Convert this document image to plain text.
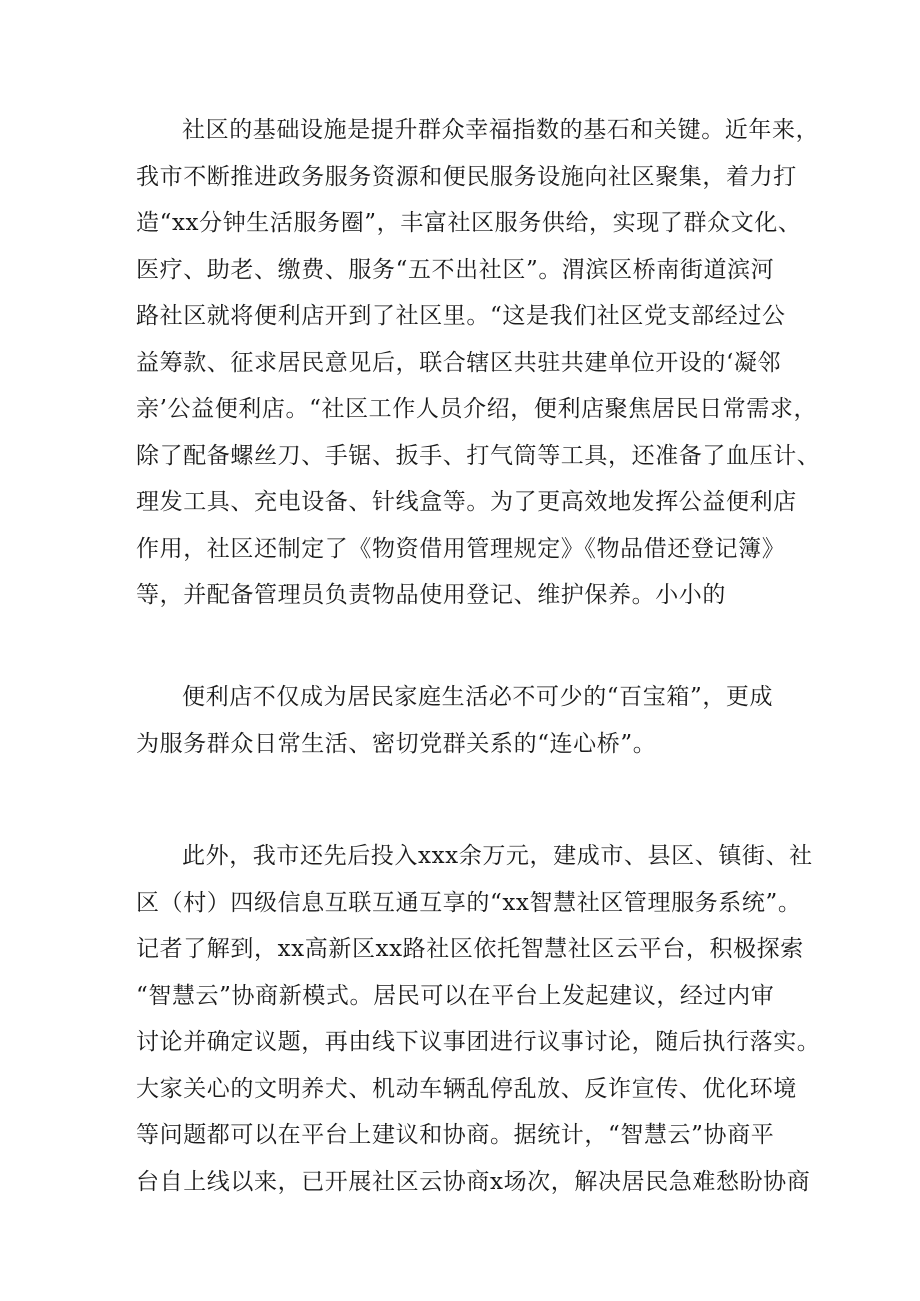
社区的基础设施是提升群众幸福指数的基石和关键。近年来，
我市不断推进政务服务资源和便民服务设施向社区聚集，着力打
造“xx分钟生活服务圈”，丰富社区服务供给，实现了群众文化、
医疗、助老、缴费、服务“五不出社区”。渭滨区桥南街道滨河
路社区就将便利店开到了社区里。“这是我们社区党支部经过公
益筹款、征求居民意见后，联合辖区共驻共建单位开设的‘凝邻
亲’公益便利店。“社区工作人员介绍，便利店聚焦居民日常需求，
除了配备螺丝刀、手锯、扳手、打气筒等工具，还准备了血压计、
理发工具、充电设备、针线盒等。为了更高效地发挥公益便利店
作用，社区还制定了《物资借用管理规定》《物品借还登记簿》
等，并配备管理员负责物品使用登记、维护保养。小小的
便利店不仅成为居民家庭生活必不可少的“百宝箱”，更成
为服务群众日常生活、密切党群关系的“连心桥”。
此外，我市还先后投入xxx余万元，建成市、县区、镇街、社
区（村）四级信息互联互通互享的“xx智慧社区管理服务系统”。
记者了解到，xx高新区xx路社区依托智慧社区云平台，积极探索
“智慧云”协商新模式。居民可以在平台上发起建议，经过内审
讨论并确定议题，再由线下议事团进行议事讨论，随后执行落实。
大家关心的文明养犬、机动车辆乱停乱放、反诈宣传、优化环境
等问题都可以在平台上建议和协商。据统计，“智慧云”协商平
台自上线以来，已开展社区云协商x场次，解决居民急难愁盼协商
